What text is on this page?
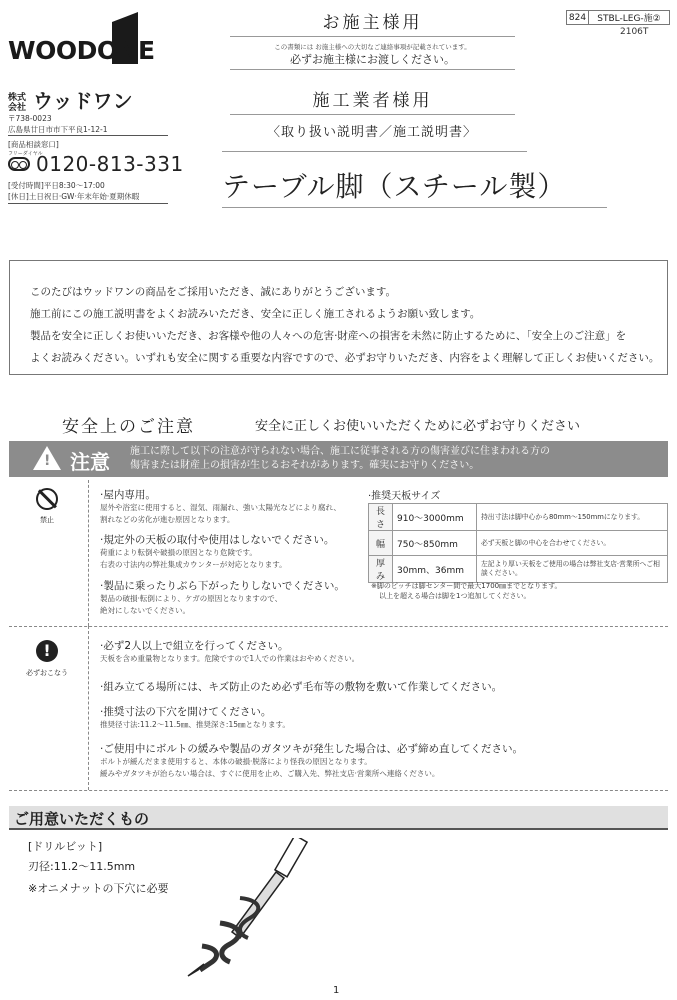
WOODONE
株式会社 ウッドワン
〒738-0023
広島県廿日市市下平良1-12-1
[商品相談窓口]
フリーダイヤル
0120-813-331
[受付時間]平日8:30〜17:00
[休日]土日祝日·GW·年末年始·夏期休暇
824	STBL-LEG-施②
2106T
お施主様用
この書類には お施主様への大切なご連絡事項が記載されています。
必ずお施主様にお渡しください。
施工業者様用
〈取り扱い説明書／施工説明書〉
テーブル脚（スチール製）
このたびはウッドワンの商品をご採用いただき、誠にありがとうございます。
施工前にこの施工説明書をよくお読みいただき、安全に正しく施工されるようお願い致します。
製品を安全に正しくお使いいただき、お客様や他の人々への危害·財産への損害を未然に防止するために、「安全上のご注意」を
よくお読みください。いずれも安全に関する重要な内容ですので、必ずお守りいただき、内容をよく理解して正しくお使いください。
安全上のご注意	安全に正しくお使いいただくために必ずお守りください
! 注意 施工に際して以下の注意が守られない場合、施工に従事される方の傷害並びに住まわれる方の
傷害または財産上の損害が生じるおそれがあります。確実にお守りください。
禁止
·屋内専用。
屋外や浴室に使用すると、湿気、雨漏れ、強い太陽光などにより腐れ、
割れなどの劣化が進む原因となります。
·規定外の天板の取付や使用はしないでください。
荷重により転倒や破損の原因となり危険です。
右表の寸法内の弊社集成カウンターが対応となります。
·製品に乗ったりぶら下がったりしないでください。
製品の破損·転倒により、ケガの原因となりますので、
絶対にしないでください。
·推奨天板サイズ
長さ	910〜3000mm	持出寸法は脚中心から80mm〜150mmになります。
幅	750〜850mm	必ず天板と脚の中心を合わせてください。
厚み	30mm、36mm	左記より厚い天板をご使用の場合は弊社支店·営業所へご相談ください。
※脚のピッチは脚センター間で最大1700㎜までとなります。
以上を超える場合は脚を1つ追加してください。
!
必ずおこなう
·必ず2人以上で組立を行ってください。
天板を含め重量物となります。危険ですので1人での作業はおやめください。
·組み立てる場所には、キズ防止のため必ず毛布等の敷物を敷いて作業してください。
·推奨寸法の下穴を開けてください。
推奨径寸法:11.2〜11.5㎜、推奨深さ:15㎜となります。
·ご使用中にボルトの緩みや製品のガタツキが発生した場合は、必ず締め直してください。
ボルトが緩んだまま使用すると、本体の破損·脱落により怪我の原因となります。
緩みやガタツキが治らない場合は、すぐに使用を止め、ご購入先、弊社支店·営業所へ連絡ください。
ご用意いただくもの
[ドリルビット]
刃径:11.2〜11.5mm
※オニメナットの下穴に必要
1
